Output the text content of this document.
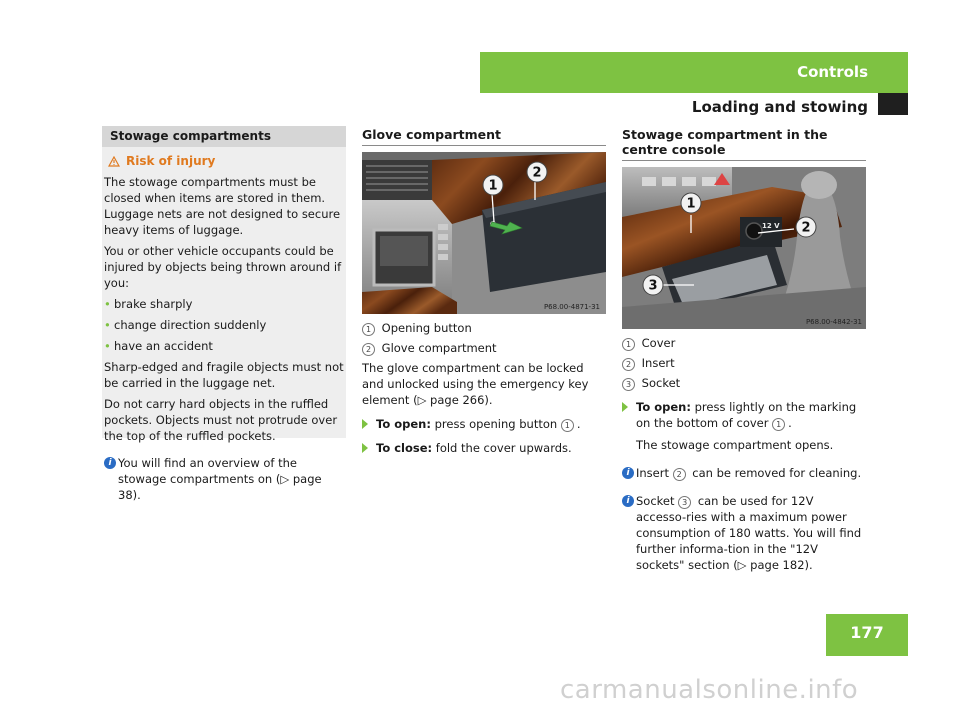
Controls
Loading and stowing
177
carmanualsonline.info
Stowage compartments
Risk of injury

The stowage compartments must be closed when items are stored in them. Luggage nets are not designed to secure heavy items of luggage.

You or other vehicle occupants could be injured by objects being thrown around if you:

• brake sharply
• change direction suddenly
• have an accident

Sharp-edged and fragile objects must not be carried in the luggage net.

Do not carry hard objects in the ruffled pockets. Objects must not protrude over the top of the ruffled pockets.

i You will find an overview of the stowage compartments on (▷ page 38).
Glove compartment
1
2
P68.00-4871-31

1 Opening button

2 Glove compartment

The glove compartment can be locked and unlocked using the emergency key element (▷ page 266).

To open: press opening button 1 .

To close: fold the cover upwards.

Stowage compartment in the centre console
12 V
1
2
3
P68.00-4842-31

1 Cover

2 Insert

3 Socket

To open: press lightly on the marking on the bottom of cover 1 .

The stowage compartment opens.

i Insert 2 can be removed for cleaning.

i Socket 3 can be used for 12V accesso-ries with a maximum power consumption of 180 watts. You will find further informa-tion in the "12V sockets" section (▷ page 182).
